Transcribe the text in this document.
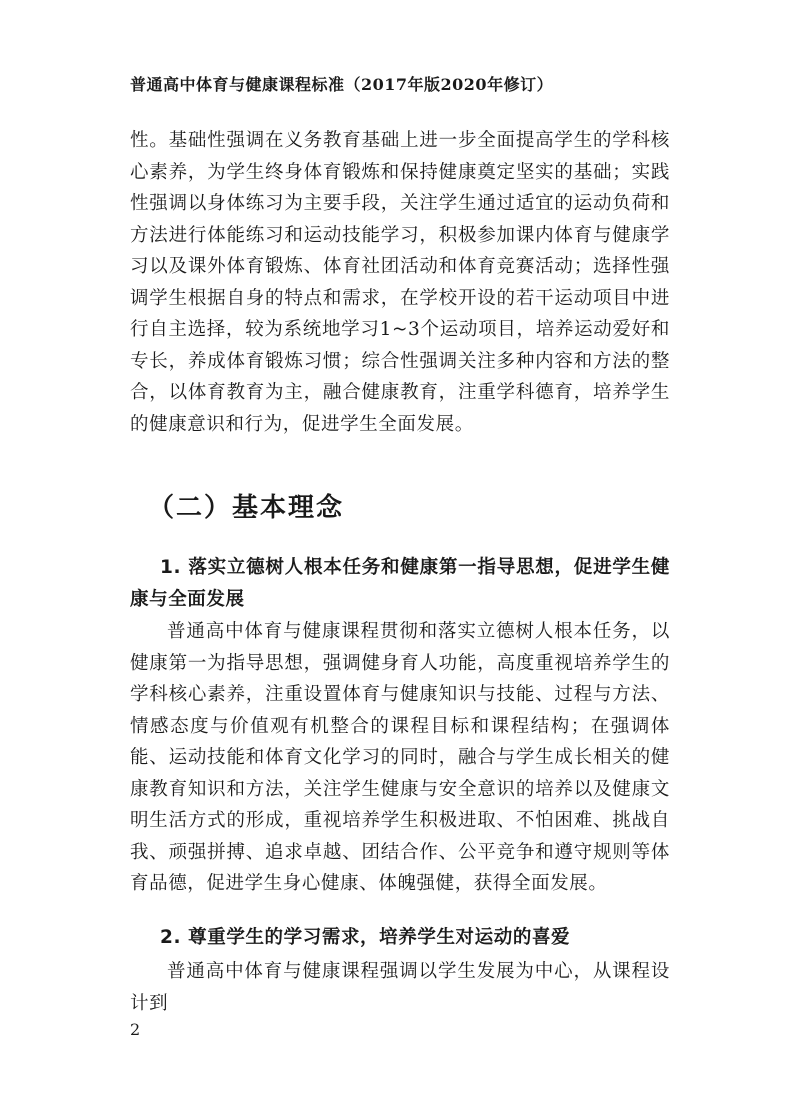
普通高中体育与健康课程标准（2017年版2020年修订）
性。基础性强调在义务教育基础上进一步全面提高学生的学科核心素养，为学生终身体育锻炼和保持健康奠定坚实的基础；实践性强调以身体练习为主要手段，关注学生通过适宜的运动负荷和方法进行体能练习和运动技能学习，积极参加课内体育与健康学习以及课外体育锻炼、体育社团活动和体育竞赛活动；选择性强调学生根据自身的特点和需求，在学校开设的若干运动项目中进行自主选择，较为系统地学习1~3个运动项目，培养运动爱好和专长，养成体育锻炼习惯；综合性强调关注多种内容和方法的整合，以体育教育为主，融合健康教育，注重学科德育，培养学生的健康意识和行为，促进学生全面发展。
（二）基本理念
1. 落实立德树人根本任务和健康第一指导思想，促进学生健康与全面发展
普通高中体育与健康课程贯彻和落实立德树人根本任务，以健康第一为指导思想，强调健身育人功能，高度重视培养学生的学科核心素养，注重设置体育与健康知识与技能、过程与方法、情感态度与价值观有机整合的课程目标和课程结构；在强调体能、运动技能和体育文化学习的同时，融合与学生成长相关的健康教育知识和方法，关注学生健康与安全意识的培养以及健康文明生活方式的形成，重视培养学生积极进取、不怕困难、挑战自我、顽强拼搏、追求卓越、团结合作、公平竞争和遵守规则等体育品德，促进学生身心健康、体魄强健，获得全面发展。
2. 尊重学生的学习需求，培养学生对运动的喜爱
普通高中体育与健康课程强调以学生发展为中心，从课程设计到
2
